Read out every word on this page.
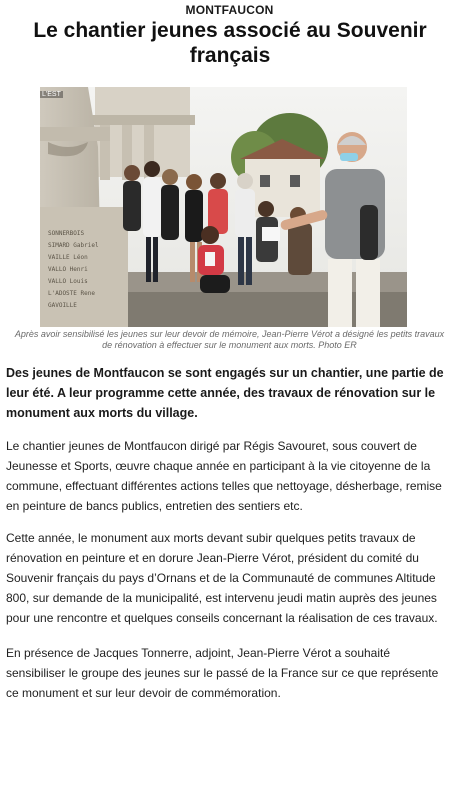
MONTFAUCON
Le chantier jeunes associé au Souvenir français
SONNERBOIS
SIMARD Gabriel
VAILLE Léon
VALLO Henri
VALLO Louis
L'ADOSTE Rene
GAVOILLE
L'EST
Après avoir sensibilisé les jeunes sur leur devoir de mémoire, Jean-Pierre Vérot a désigné les petits travaux de rénovation à effectuer sur le monument aux morts. Photo ER
Des jeunes de Montfaucon se sont engagés sur un chantier, une partie de leur été. A leur programme cette année, des travaux de rénovation sur le monument aux morts du village.
Le chantier jeunes de Montfaucon dirigé par Régis Savouret, sous couvert de Jeunesse et Sports, œuvre chaque année en participant à la vie citoyenne de la commune, effectuant différentes actions telles que nettoyage, désherbage, remise en peinture de bancs publics, entretien des sentiers etc.
Cette année, le monument aux morts devant subir quelques petits travaux de rénovation en peinture et en dorure Jean-Pierre Vérot, président du comité du Souvenir français du pays d’Ornans et de la Communauté de communes Altitude 800, sur demande de la municipalité, est intervenu jeudi matin auprès des jeunes pour une rencontre et quelques conseils concernant la réalisation de ces travaux.
En présence de Jacques Tonnerre, adjoint, Jean-Pierre Vérot a souhaité sensibiliser le groupe des jeunes sur le passé de la France sur ce que représente ce monument et sur leur devoir de commémoration.
